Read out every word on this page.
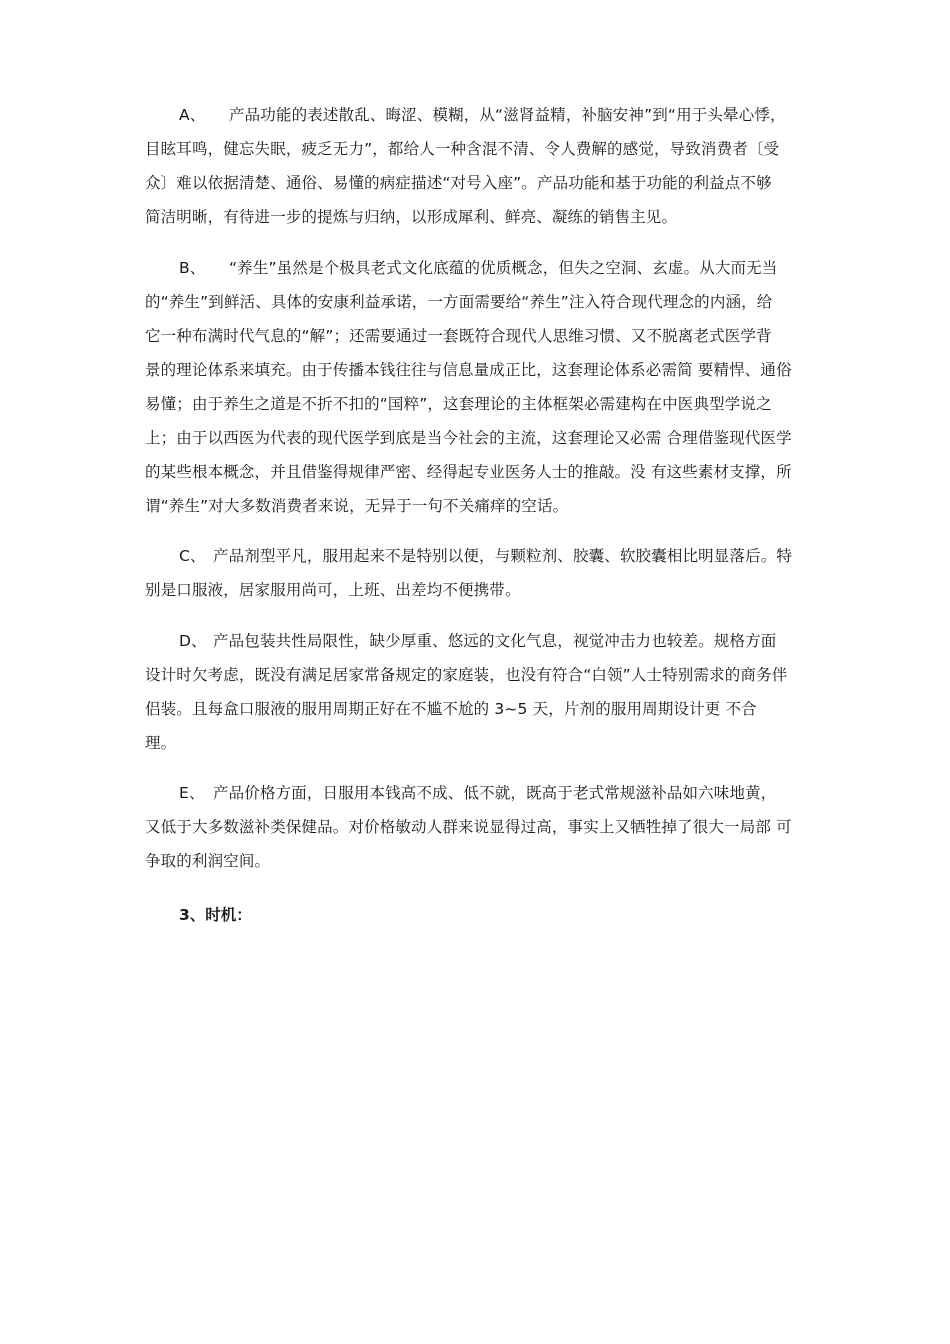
A、 产品功能的表述散乱、晦涩、模糊，从“滋肾益精，补脑安神”到“用于头晕心悸，
目眩耳鸣，健忘失眠，疲乏无力”，都给人一种含混不清、令人费解的感觉，导致消费者〔受
众〕难以依据清楚、通俗、易懂的病症描述“对号入座”。产品功能和基于功能的利益点不够
简洁明晰，有待进一步的提炼与归纳，以形成犀利、鲜亮、凝练的销售主见。
B、 “养生”虽然是个极具老式文化底蕴的优质概念，但失之空洞、玄虚。从大而无当
的“养生”到鲜活、具体的安康利益承诺，一方面需要给“养生”注入符合现代理念的内涵，给
它一种布满时代气息的“解”；还需要通过一套既符合现代人思维习惯、又不脱离老式医学背
景的理论体系来填充。由于传播本钱往往与信息量成正比，这套理论体系必需简 要精悍、通俗
易懂；由于养生之道是不折不扣的“国粹”，这套理论的主体框架必需建构在中医典型学说之
上；由于以西医为代表的现代医学到底是当今社会的主流，这套理论又必需 合理借鉴现代医学
的某些根本概念，并且借鉴得规律严密、经得起专业医务人士的推敲。没 有这些素材支撑，所
谓“养生”对大多数消费者来说，无异于一句不关痛痒的空话。
C、 产品剂型平凡，服用起来不是特别以便，与颗粒剂、胶囊、软胶囊相比明显落后。特
别是口服液，居家服用尚可，上班、出差均不便携带。
D、 产品包装共性局限性，缺少厚重、悠远的文化气息，视觉冲击力也较差。规格方面
设计时欠考虑，既没有满足居家常备规定的家庭装，也没有符合“白领”人士特别需求的商务伴
侣装。且每盒口服液的服用周期正好在不尴不尬的 3~5 天，片剂的服用周期设计更 不合
理。
E、 产品价格方面，日服用本钱高不成、低不就，既高于老式常规滋补品如六味地黄，
又低于大多数滋补类保健品。对价格敏动人群来说显得过高，事实上又牺牲掉了很大一局部 可
争取的利润空间。

3、时机：
